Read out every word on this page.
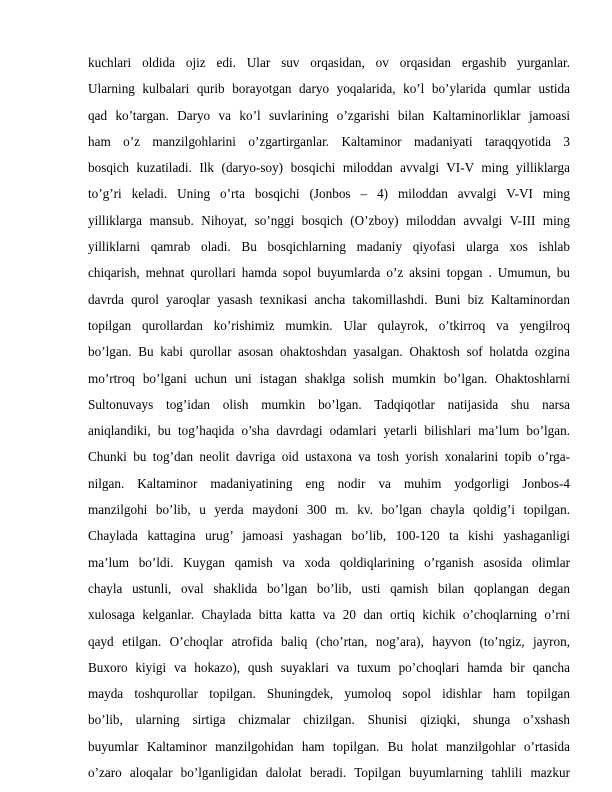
kuchlari oldida ojiz edi. Ular suv orqasidan, ov orqasidan ergashib yurganlar.
Ularning kulbalari qurib borayotgan daryo yoqalarida, ko’l bo’ylarida qumlar ustida
qad ko’targan. Daryo va ko’l suvlarining o’zgarishi bilan Kaltaminorliklar jamoasi
ham o’z manzilgohlarini o’zgartirganlar. Kaltaminor madaniyati taraqqyotida 3
bosqich kuzatiladi. Ilk (daryo-soy) bosqichi miloddan avvalgi VI-V ming yilliklarga
to’g’ri keladi. Uning o’rta bosqichi (Jonbos – 4) miloddan avvalgi V-VI ming
yilliklarga mansub. Nihoyat, so’nggi bosqich (O’zboy) miloddan avvalgi V-III ming
yilliklarni qamrab oladi. Bu bosqichlarning madaniy qiyofasi ularga xos ishlab
chiqarish, mehnat qurollari hamda sopol buyumlarda o’z aksini topgan . Umumun, bu
davrda qurol yaroqlar yasash texnikasi ancha takomillashdi. Buni biz Kaltaminordan
topilgan qurollardan ko’rishimiz mumkin. Ular qulayrok, o’tkirroq va yengilroq
bo’lgan. Bu kabi qurollar asosan ohaktoshdan yasalgan. Ohaktosh sof holatda ozgina
mo’rtroq bo’lgani uchun uni istagan shaklga solish mumkin bo’lgan. Ohaktoshlarni
Sultonuvays tog’idan olish mumkin bo’lgan. Tadqiqotlar natijasida shu narsa
aniqlandiki, bu tog’haqida o’sha davrdagi odamlari yetarli bilishlari ma’lum bo’lgan.
Chunki bu tog’dan neolit davriga oid ustaxona va tosh yorish xonalarini topib o’rga-
nilgan. Kaltaminor madaniyatining eng nodir va muhim yodgorligi Jonbos-4
manzilgohi bo’lib, u yerda maydoni 300 m. kv. bo’lgan chayla qoldig’i topilgan.
Chaylada kattagina urug’ jamoasi yashagan bo’lib, 100-120 ta kishi yashaganligi
ma’lum bo’ldi. Kuygan qamish va xoda qoldiqlarining o’rganish asosida olimlar
chayla ustunli, oval shaklida bo’lgan bo’lib, usti qamish bilan qoplangan degan
xulosaga kelganlar. Chaylada bitta katta va 20 dan ortiq kichik o’choqlarning o’rni
qayd etilgan. O’choqlar atrofida baliq (cho’rtan, nog’ara), hayvon (to’ngiz, jayron,
Buxoro kiyigi va hokazo), qush suyaklari va tuxum po’choqlari hamda bir qancha
mayda toshqurollar topilgan. Shuningdek, yumoloq sopol idishlar ham topilgan
bo’lib, ularning sirtiga chizmalar chizilgan. Shunisi qiziqki, shunga o’xshash
buyumlar Kaltaminor manzilgohidan ham topilgan. Bu holat manzilgohlar o’rtasida
o’zaro aloqalar bo’lganligidan dalolat beradi. Topilgan buyumlarning tahlili mazkur
